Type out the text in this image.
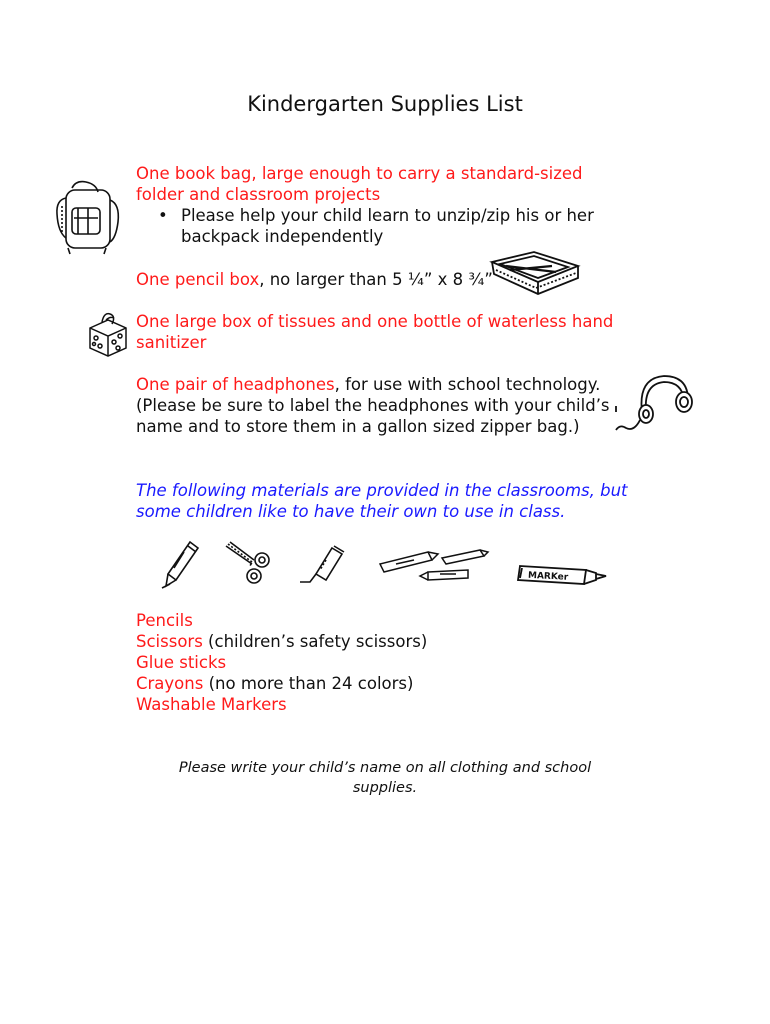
Kindergarten Supplies List
One book bag, large enough to carry a standard-sized folder and classroom projects
• Please help your child learn to unzip/zip his or her backpack independently
One pencil box, no larger than 5 ¼” x 8 ¾”
One large box of tissues and one bottle of waterless hand sanitizer
One pair of headphones, for use with school technology. (Please be sure to label the headphones with your child’s name and to store them in a gallon sized zipper bag.)
The following materials are provided in the classrooms, but some children like to have their own to use in class.
MARKer
Pencils
Scissors (children’s safety scissors)
Glue sticks
Crayons (no more than 24 colors)
Washable Markers
Please write your child’s name on all clothing and school supplies.
